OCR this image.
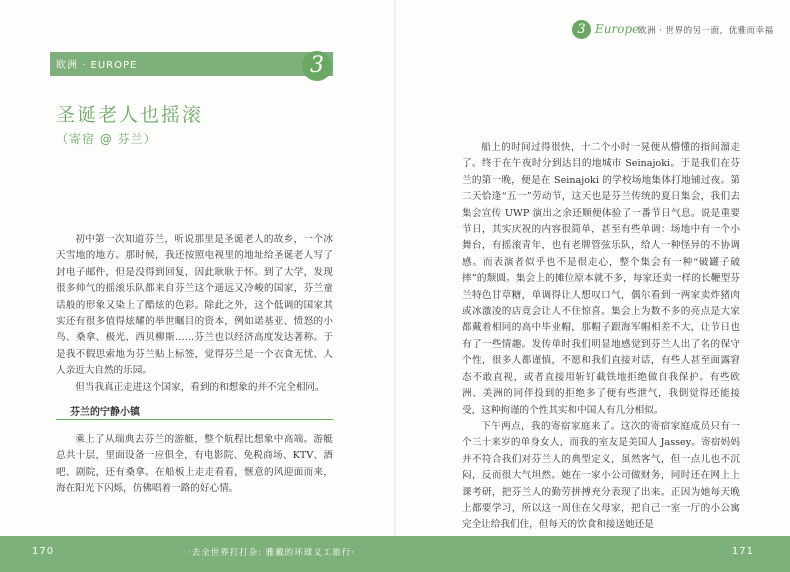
欧洲 · EUROPE	3
圣诞老人也摇滚
（寄宿 @ 芬兰）

初中第一次知道芬兰，听说那里是圣诞老人的故乡，一个冰天雪地的地方。那时候，我还按照电视里的地址给圣诞老人写了封电子邮件，但是没得到回复，因此耿耿于怀。到了大学，发现很多帅气的摇滚乐队都来自芬兰这个遥远又冷峻的国家，芬兰童话般的形象又染上了酷炫的色彩。除此之外，这个低调的国家其实还有很多值得炫耀的举世瞩目的资本，例如诺基亚、愤怒的小鸟、桑拿、极光、西贝柳斯……芬兰也以经济高度发达著称。于是我不假思索地为芬兰贴上标签，觉得芬兰是一个衣食无忧、人人亲近大自然的乐园。

但当我真正走进这个国家，看到的和想象的并不完全相同。

芬兰的宁静小镇

乘上了从瑞典去芬兰的游艇，整个航程比想象中高端。游艇总共十层，里面设备一应俱全，有电影院、免税商场、KTV、酒吧、剧院，还有桑拿。在船板上走走看看，惬意的风迎面而来，海在阳光下闪烁，仿佛唱着一路的好心情。

3 Europe
欧洲 · 世界的另一面，优雅而幸福

船上的时间过得很快，十二个小时一晃便从懵懂的指间溜走了。终于在午夜时分到达目的地城市 Seinajoki。于是我们在芬兰的第一晚，便是在 Seinajoki 的学校场地集体打地铺过夜。第二天恰逢“五一”劳动节，这天也是芬兰传统的夏日集会，我们去集会宣传 UWP 演出之余还顺便体验了一番节日气息。说是重要节日，其实庆祝的内容很简单，甚至有些单调：场地中有一个小舞台，有摇滚青年，也有老牌管弦乐队，给人一种怪异的不协调感。而表演者似乎也不是很走心，整个集会有一种“破罐子破摔”的颓圆。集会上的摊位原本就不多，每家还卖一样的长鞭型芬兰特色甘草糖，单调得让人想叹口气，偶尔看到一两家卖炸猪肉或冰激凌的店竟会让人不住惊喜。集会上为数不多的亮点是大家都戴着相同的高中毕业帽，那帽子跟海军帽相差不大，让节日也有了一些情趣。发传单时我们明显地感觉到芬兰人出了名的保守个性，很多人都谨慎，不愿和我们直接对话，有些人甚至面露窘态不敢直视，或者直接用斩钉截铁地拒绝做自我保护。有些欧洲、美洲的同伴投到的拒绝多了便有些泄气，我倒觉得还能接受，这种拘谨的个性其实和中国人有几分相似。

下午两点，我的寄宿家庭来了。这次的寄宿家庭成员只有一个三十来岁的单身女人，而我的室友是美国人 Jassey。寄宿妈妈并不符合我们对芬兰人的典型定义，虽然客气，但一点儿也不沉闷，反而很大气坦然。她在一家小公司做财务，同时还在网上上课考研，把芬兰人的勤劳拼搏充分表现了出来。正因为她每天晚上都要学习，所以这一周住在父母家，把自己一室一厅的小公寓完全让给我们住，但每天的饮食和接送她还是

170	·去全世界打打杂: 雅戴的环球义工旅行·	171
